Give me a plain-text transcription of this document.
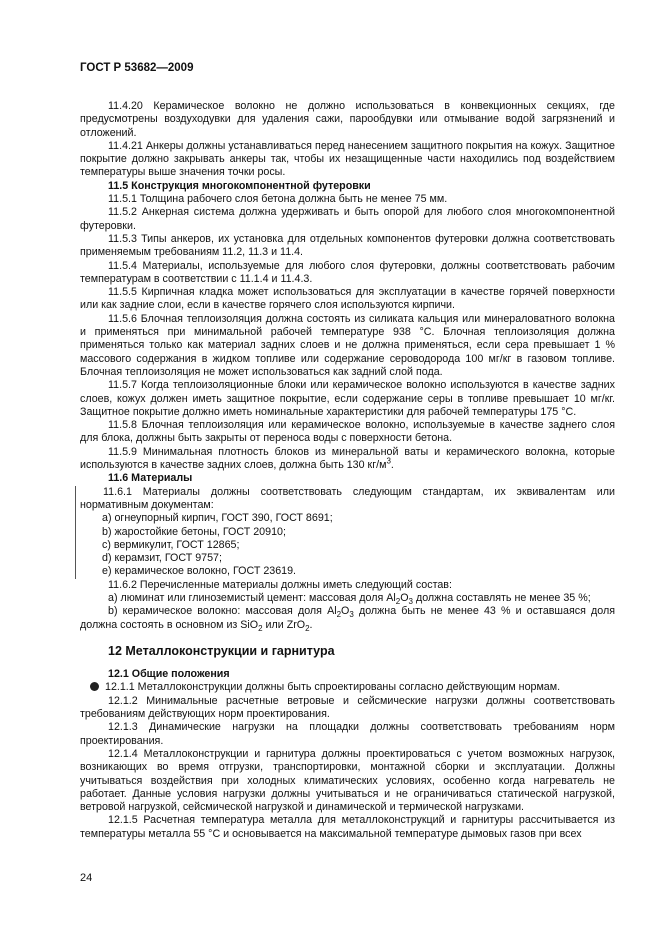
ГОСТ Р 53682—2009

11.4.20 Керамическое волокно не должно использоваться в конвекционных секциях, где предусмотрены воздуходувки для удаления сажи, парообдувки или отмывание водой загрязнений и отложений.

11.4.21 Анкеры должны устанавливаться перед нанесением защитного покрытия на кожух. Защитное покрытие должно закрывать анкеры так, чтобы их незащищенные части находились под воздействием температуры выше значения точки росы.

11.5 Конструкция многокомпонентной футеровки

11.5.1 Толщина рабочего слоя бетона должна быть не менее 75 мм.

11.5.2 Анкерная система должна удерживать и быть опорой для любого слоя многокомпонентной футеровки.

11.5.3 Типы анкеров, их установка для отдельных компонентов футеровки должна соответствовать применяемым требованиям 11.2, 11.3 и 11.4.

11.5.4 Материалы, используемые для любого слоя футеровки, должны соответствовать рабочим температурам в соответствии с 11.1.4 и 11.4.3.

11.5.5 Кирпичная кладка может использоваться для эксплуатации в качестве горячей поверхности или как задние слои, если в качестве горячего слоя используются кирпичи.

11.5.6 Блочная теплоизоляция должна состоять из силиката кальция или минераловатного волокна и применяться при минимальной рабочей температуре 938 °С. Блочная теплоизоляция должна применяться только как материал задних слоев и не должна применяться, если сера превышает 1 % массового содержания в жидком топливе или содержание сероводорода 100 мг/кг в газовом топливе. Блочная теплоизоляция не может использоваться как задний слой пода.

11.5.7 Когда теплоизоляционные блоки или керамическое волокно используются в качестве задних слоев, кожух должен иметь защитное покрытие, если содержание серы в топливе превышает 10 мг/кг. Защитное покрытие должно иметь номинальные характеристики для рабочей температуры 175 °С.

11.5.8 Блочная теплоизоляция или керамическое волокно, используемые в качестве заднего слоя для блока, должны быть закрыты от переноса воды с поверхности бетона.

11.5.9 Минимальная плотность блоков из минеральной ваты и керамического волокна, которые используются в качестве задних слоев, должна быть 130 $кг/м^3$.

11.6 Материалы

11.6.1 Материалы должны соответствовать следующим стандартам, их эквивалентам или нормативным документам:

а) огнеупорный кирпич, ГОСТ 390, ГОСТ 8691;

b) жаростойкие бетоны, ГОСТ 20910;

с) вермикулит, ГОСТ 12865;

d) керамзит, ГОСТ 9757;

е) керамическое волокно, ГОСТ 23619.

11.6.2 Перечисленные материалы должны иметь следующий состав:

а) люминат или глиноземистый цемент: массовая доля $Al_2O_3$ должна составлять не менее 35 %;

b) керамическое волокно: массовая доля $Al_2O_3$ должна быть не менее 43 % и оставшаяся доля должна состоять в основном из SiO$_2$ или ZrO$_2$.

12 Металлоконструкции и гарнитура

12.1 Общие положения

12.1.1 Металлоконструкции должны быть спроектированы согласно действующим нормам.

12.1.2 Минимальные расчетные ветровые и сейсмические нагрузки должны соответствовать требованиям действующих норм проектирования.

12.1.3 Динамические нагрузки на площадки должны соответствовать требованиям норм проектирования.

12.1.4 Металлоконструкции и гарнитура должны проектироваться с учетом возможных нагрузок, возникающих во время отгрузки, транспортировки, монтажной сборки и эксплуатации. Должны учитываться воздействия при холодных климатических условиях, особенно когда нагреватель не работает. Данные условия нагрузки должны учитываться и не ограничиваться статической нагрузкой, ветровой нагрузкой, сейсмической нагрузкой и динамической и термической нагрузками.

12.1.5 Расчетная температура металла для металлоконструкций и гарнитуры рассчитывается из температуры металла 55 °С и основывается на максимальной температуре дымовых газов при всех

24
